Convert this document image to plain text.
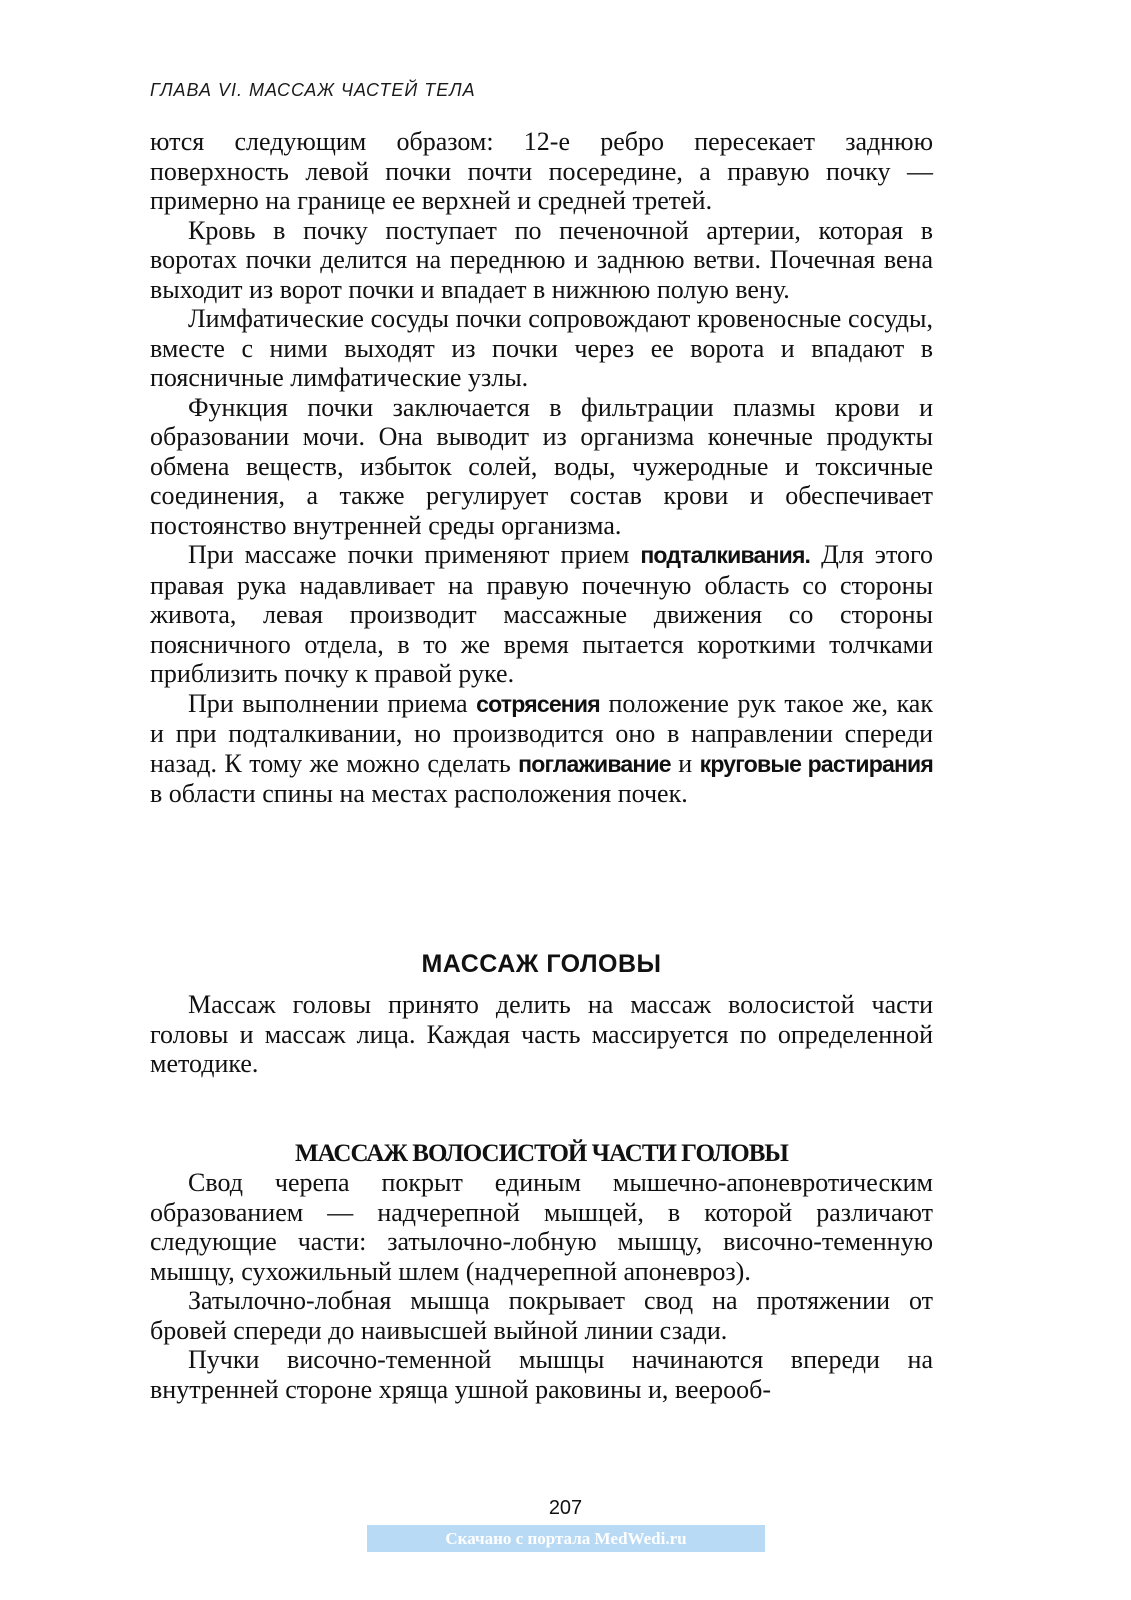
ГЛАВА VI. МАССАЖ ЧАСТЕЙ ТЕЛА

ются следующим образом: 12-е ребро пересекает заднюю поверхность левой почки почти посередине, а правую почку — примерно на границе ее верхней и средней третей.

Кровь в почку поступает по печеночной артерии, которая в воротах почки делится на переднюю и заднюю ветви. Почечная вена выходит из ворот почки и впадает в нижнюю полую вену.

Лимфатические сосуды почки сопровождают кровеносные сосуды, вместе с ними выходят из почки через ее ворота и впадают в поясничные лимфатические узлы.

Функция почки заключается в фильтрации плазмы крови и образовании мочи. Она выводит из организма конечные продукты обмена веществ, избыток солей, воды, чужеродные и токсичные соединения, а также регулирует состав крови и обеспечивает постоянство внутренней среды организма.

При массаже почки применяют прием подталкивания. Для этого правая рука надавливает на правую почечную область со стороны живота, левая производит массажные движения со стороны поясничного отдела, в то же время пытается короткими толчками приблизить почку к правой руке.

При выполнении приема сотрясения положение рук такое же, как и при подталкивании, но производится оно в направлении спереди назад. К тому же можно сделать поглаживание и круговые растирания в области спины на местах расположения почек.

МАССАЖ ГОЛОВЫ

Массаж головы принято делить на массаж волосистой части головы и массаж лица. Каждая часть массируется по определенной методике.

МАССАЖ ВОЛОСИСТОЙ ЧАСТИ ГОЛОВЫ

Свод черепа покрыт единым мышечно-апоневротическим образованием — надчерепной мышцей, в которой различают следующие части: затылочно-лобную мышцу, височно-теменную мышцу, сухожильный шлем (надчерепной апоневроз).

Затылочно-лобная мышца покрывает свод на протяжении от бровей спереди до наивысшей выйной линии сзади.

Пучки височно-теменной мышцы начинаются впереди на внутренней стороне хряща ушной раковины и, веерооб-

207
Скачано с портала MedWedi.ru
